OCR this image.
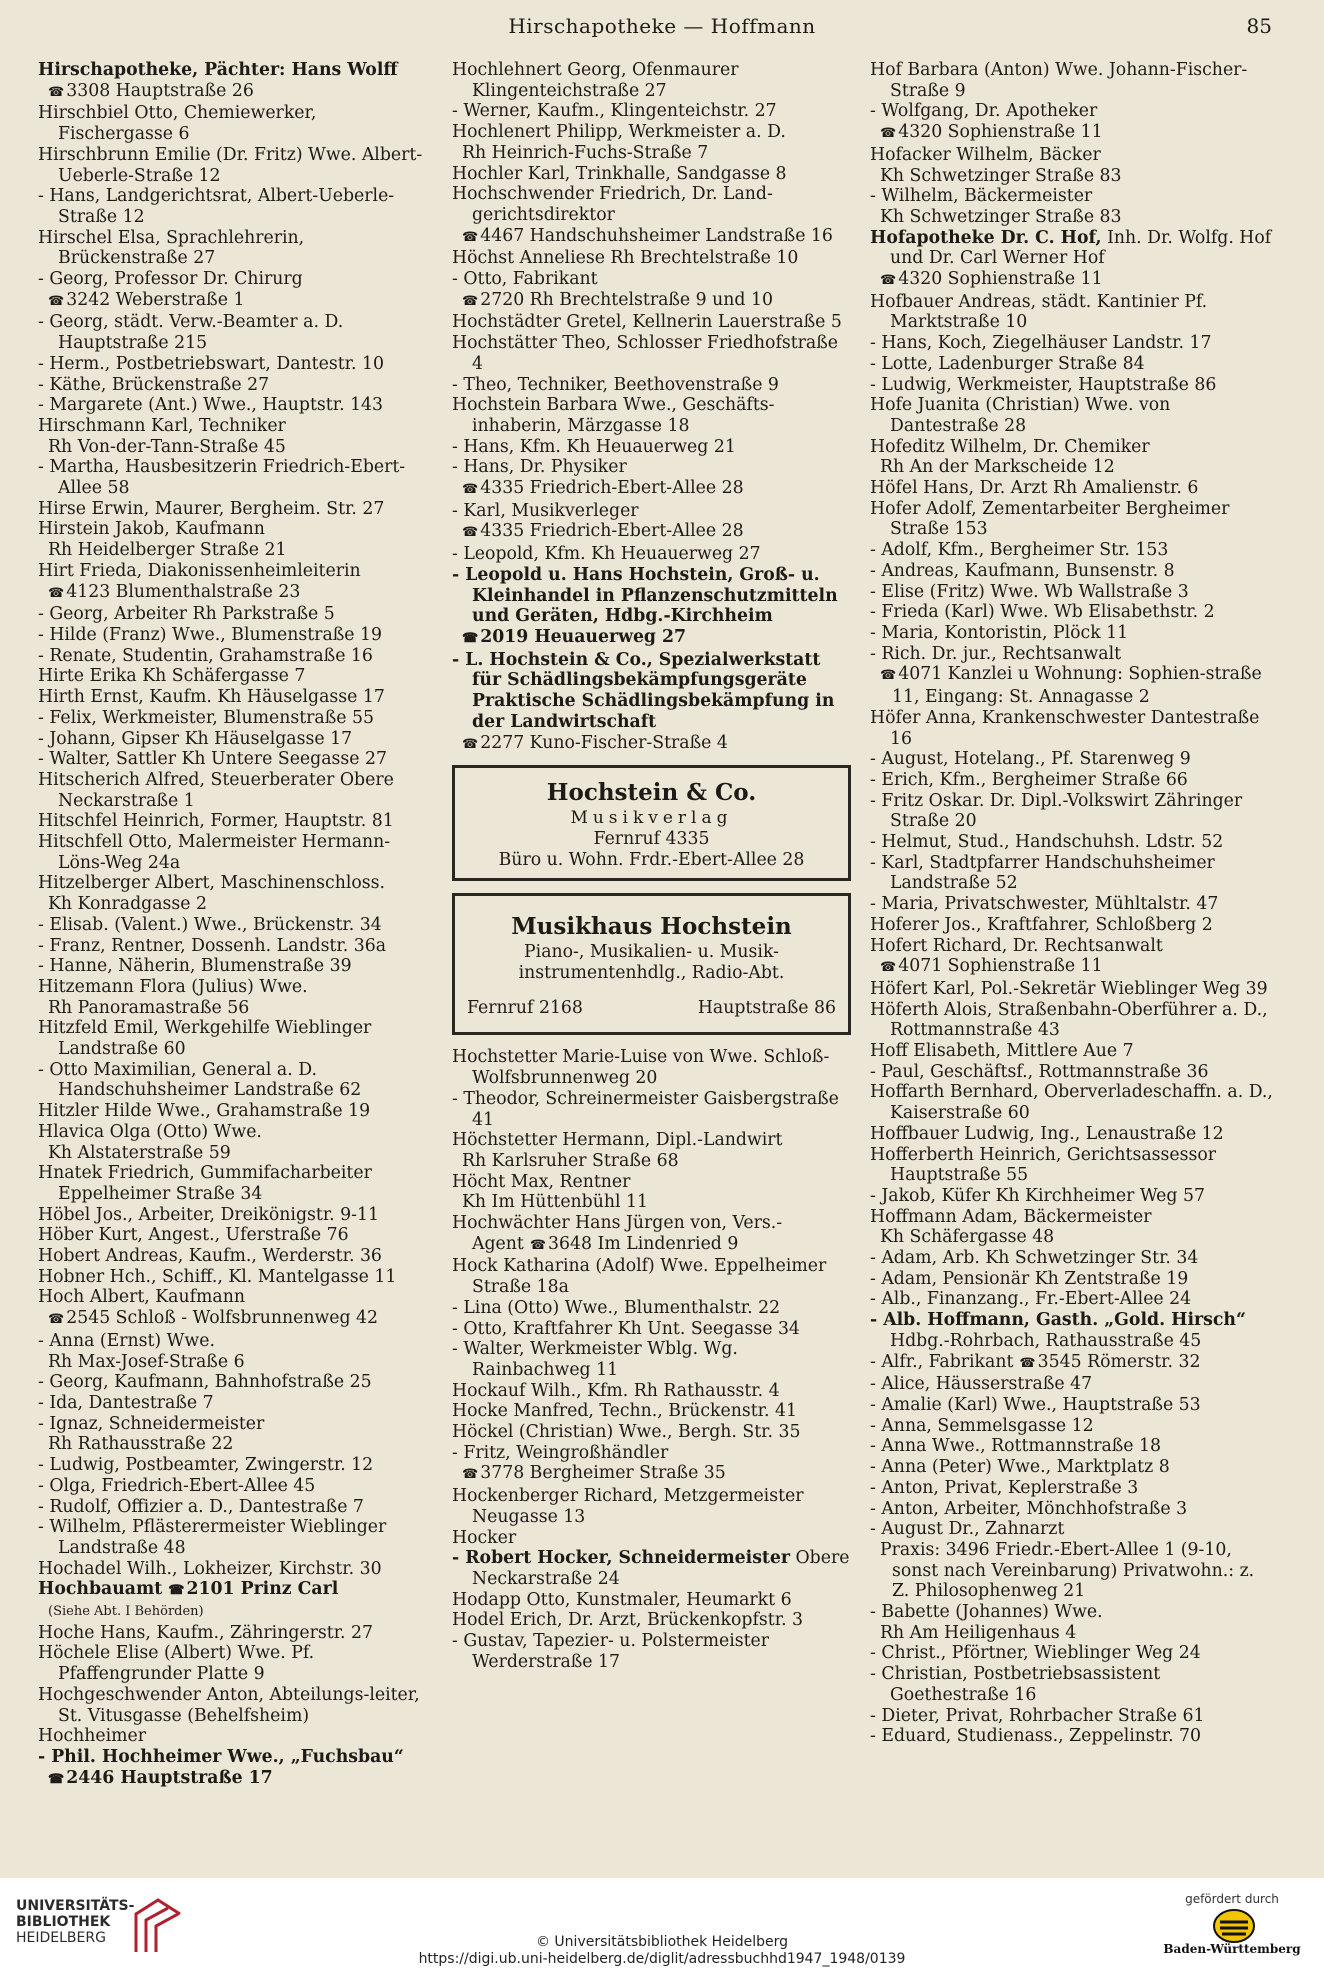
Hirschapotheke — Hoffmann	85

Hirschapotheke, Pächter: Hans Wolff

☎ 3308 Hauptstraße 26

Hirschbiel Otto, Chemiewerker, Fischergasse 6

Hirschbrunn Emilie (Dr. Fritz) Wwe. Albert-Ueberle-Straße 12

- Hans, Landgerichtsrat, Albert-Ueberle-Straße 12

Hirschel Elsa, Sprachlehrerin, Brückenstraße 27

- Georg, Professor Dr. Chirurg

☎ 3242 Weberstraße 1

- Georg, städt. Verw.-Beamter a. D. Hauptstraße 215

- Herm., Postbetriebswart, Dantestr. 10

- Käthe, Brückenstraße 27

- Margarete (Ant.) Wwe., Hauptstr. 143

Hirschmann Karl, Techniker

Rh Von-der-Tann-Straße 45

- Martha, Hausbesitzerin Friedrich-Ebert-Allee 58

Hirse Erwin, Maurer, Bergheim. Str. 27

Hirstein Jakob, Kaufmann

Rh Heidelberger Straße 21

Hirt Frieda, Diakonissenheimleiterin

☎ 4123 Blumenthalstraße 23

- Georg, Arbeiter Rh Parkstraße 5

- Hilde (Franz) Wwe., Blumenstraße 19

- Renate, Studentin, Grahamstraße 16

Hirte Erika Kh Schäfergasse 7

Hirth Ernst, Kaufm. Kh Häuselgasse 17

- Felix, Werkmeister, Blumenstraße 55

- Johann, Gipser Kh Häuselgasse 17

- Walter, Sattler Kh Untere Seegasse 27

Hitscherich Alfred, Steuerberater Obere Neckarstraße 1

Hitschfel Heinrich, Former, Hauptstr. 81

Hitschfell Otto, Malermeister Hermann-Löns-Weg 24a

Hitzelberger Albert, Maschinenschloss.

Kh Konradgasse 2

- Elisab. (Valent.) Wwe., Brückenstr. 34

- Franz, Rentner, Dossenh. Landstr. 36a

- Hanne, Näherin, Blumenstraße 39

Hitzemann Flora (Julius) Wwe.

Rh Panoramastraße 56

Hitzfeld Emil, Werkgehilfe Wieblinger Landstraße 60

- Otto Maximilian, General a. D. Handschuhsheimer Landstraße 62

Hitzler Hilde Wwe., Grahamstraße 19

Hlavica Olga (Otto) Wwe.

Kh Alstaterstraße 59

Hnatek Friedrich, Gummifacharbeiter Eppelheimer Straße 34

Höbel Jos., Arbeiter, Dreikönigstr. 9-11

Höber Kurt, Angest., Uferstraße 76

Hobert Andreas, Kaufm., Werderstr. 36

Hobner Hch., Schiff., Kl. Mantelgasse 11

Hoch Albert, Kaufmann

☎ 2545 Schloß - Wolfsbrunnenweg 42

- Anna (Ernst) Wwe.

Rh Max-Josef-Straße 6

- Georg, Kaufmann, Bahnhofstraße 25

- Ida, Dantestraße 7

- Ignaz, Schneidermeister

Rh Rathausstraße 22

- Ludwig, Postbeamter, Zwingerstr. 12

- Olga, Friedrich-Ebert-Allee 45

- Rudolf, Offizier a. D., Dantestraße 7

- Wilhelm, Pflästerermeister Wieblinger Landstraße 48

Hochadel Wilh., Lokheizer, Kirchstr. 30

Hochbauamt ☎ 2101 Prinz Carl

(Siehe Abt. I Behörden)

Hoche Hans, Kaufm., Zähringerstr. 27

Höchele Elise (Albert) Wwe. Pf. Pfaffengrunder Platte 9

Hochgeschwender Anton, Abteilungs-leiter, St. Vitusgasse (Behelfsheim)

Hochheimer

- Phil. Hochheimer Wwe., „Fuchsbau“

☎ 2446 Hauptstraße 17

Hochlehnert Georg, Ofenmaurer Klingenteichstraße 27

- Werner, Kaufm., Klingenteichstr. 27

Hochlenert Philipp, Werkmeister a. D.

Rh Heinrich-Fuchs-Straße 7

Hochler Karl, Trinkhalle, Sandgasse 8

Hochschwender Friedrich, Dr. Land-gerichtsdirektor

☎ 4467 Handschuhsheimer Landstraße 16

Höchst Anneliese Rh Brechtelstraße 10

- Otto, Fabrikant

☎ 2720 Rh Brechtelstraße 9 und 10

Hochstädter Gretel, Kellnerin Lauerstraße 5

Hochstätter Theo, Schlosser Friedhofstraße 4

- Theo, Techniker, Beethovenstraße 9

Hochstein Barbara Wwe., Geschäfts-inhaberin, Märzgasse 18

- Hans, Kfm. Kh Heuauerweg 21

- Hans, Dr. Physiker

☎ 4335 Friedrich-Ebert-Allee 28

- Karl, Musikverleger

☎ 4335 Friedrich-Ebert-Allee 28

- Leopold, Kfm. Kh Heuauerweg 27

- Leopold u. Hans Hochstein, Groß- u. Kleinhandel in Pflanzenschutzmitteln und Geräten, Hdbg.-Kirchheim

☎ 2019 Heuauerweg 27

- L. Hochstein & Co., Spezialwerkstatt für Schädlingsbekämpfungsgeräte Praktische Schädlingsbekämpfung in der Landwirtschaft

☎ 2277 Kuno-Fischer-Straße 4

Hochstein & Co.
Musikverlag
Fernruf 4335
Büro u. Wohn. Frdr.-Ebert-Allee 28
Musikhaus Hochstein
Piano-, Musikalien- u. Musik-
instrumentenhdlg., Radio-Abt.
Fernruf 2168	Hauptstraße 86

Hochstetter Marie-Luise von Wwe. Schloß-Wolfsbrunnenweg 20

- Theodor, Schreinermeister Gaisbergstraße 41

Höchstetter Hermann, Dipl.-Landwirt

Rh Karlsruher Straße 68

Höcht Max, Rentner

Kh Im Hüttenbühl 11

Hochwächter Hans Jürgen von, Vers.-Agent ☎ 3648 Im Lindenried 9

Hock Katharina (Adolf) Wwe. Eppelheimer Straße 18a

- Lina (Otto) Wwe., Blumenthalstr. 22

- Otto, Kraftfahrer Kh Unt. Seegasse 34

- Walter, Werkmeister Wblg. Wg. Rainbachweg 11

Hockauf Wilh., Kfm. Rh Rathausstr. 4

Hocke Manfred, Techn., Brückenstr. 41

Höckel (Christian) Wwe., Bergh. Str. 35

- Fritz, Weingroßhändler

☎ 3778 Bergheimer Straße 35

Hockenberger Richard, Metzgermeister Neugasse 13

Hocker

- Robert Hocker, Schneidermeister Obere Neckarstraße 24

Hodapp Otto, Kunstmaler, Heumarkt 6

Hodel Erich, Dr. Arzt, Brückenkopfstr. 3

- Gustav, Tapezier- u. Polstermeister Werderstraße 17

Hof Barbara (Anton) Wwe. Johann-Fischer-Straße 9

- Wolfgang, Dr. Apotheker

☎ 4320 Sophienstraße 11

Hofacker Wilhelm, Bäcker

Kh Schwetzinger Straße 83

- Wilhelm, Bäckermeister

Kh Schwetzinger Straße 83

Hofapotheke Dr. C. Hof, Inh. Dr. Wolfg. Hof und Dr. Carl Werner Hof

☎ 4320 Sophienstraße 11

Hofbauer Andreas, städt. Kantinier Pf. Marktstraße 10

- Hans, Koch, Ziegelhäuser Landstr. 17

- Lotte, Ladenburger Straße 84

- Ludwig, Werkmeister, Hauptstraße 86

Hofe Juanita (Christian) Wwe. von Dantestraße 28

Hofeditz Wilhelm, Dr. Chemiker

Rh An der Markscheide 12

Höfel Hans, Dr. Arzt Rh Amalienstr. 6

Hofer Adolf, Zementarbeiter Bergheimer Straße 153

- Adolf, Kfm., Bergheimer Str. 153

- Andreas, Kaufmann, Bunsenstr. 8

- Elise (Fritz) Wwe. Wb Wallstraße 3

- Frieda (Karl) Wwe. Wb Elisabethstr. 2

- Maria, Kontoristin, Plöck 11

- Rich. Dr. jur., Rechtsanwalt

☎ 4071 Kanzlei u Wohnung: Sophien-straße 11, Eingang: St. Annagasse 2

Höfer Anna, Krankenschwester Dantestraße 16

- August, Hotelang., Pf. Starenweg 9

- Erich, Kfm., Bergheimer Straße 66

- Fritz Oskar. Dr. Dipl.-Volkswirt Zähringer Straße 20

- Helmut, Stud., Handschuhsh. Ldstr. 52

- Karl, Stadtpfarrer Handschuhsheimer Landstraße 52

- Maria, Privatschwester, Mühltalstr. 47

Hoferer Jos., Kraftfahrer, Schloßberg 2

Hofert Richard, Dr. Rechtsanwalt

☎ 4071 Sophienstraße 11

Höfert Karl, Pol.-Sekretär Wieblinger Weg 39

Höferth Alois, Straßenbahn-Oberführer a. D., Rottmannstraße 43

Hoff Elisabeth, Mittlere Aue 7

- Paul, Geschäftsf., Rottmannstraße 36

Hoffarth Bernhard, Oberverladeschaffn. a. D., Kaiserstraße 60

Hoffbauer Ludwig, Ing., Lenaustraße 12

Hofferberth Heinrich, Gerichtsassessor Hauptstraße 55

- Jakob, Küfer Kh Kirchheimer Weg 57

Hoffmann Adam, Bäckermeister

Kh Schäfergasse 48

- Adam, Arb. Kh Schwetzinger Str. 34

- Adam, Pensionär Kh Zentstraße 19

- Alb., Finanzang., Fr.-Ebert-Allee 24

- Alb. Hoffmann, Gasth. „Gold. Hirsch“ Hdbg.-Rohrbach, Rathausstraße 45

- Alfr., Fabrikant ☎ 3545 Römerstr. 32

- Alice, Häusserstraße 47

- Amalie (Karl) Wwe., Hauptstraße 53

- Anna, Semmelsgasse 12

- Anna Wwe., Rottmannstraße 18

- Anna (Peter) Wwe., Marktplatz 8

- Anton, Privat, Keplerstraße 3

- Anton, Arbeiter, Mönchhofstraße 3

- August Dr., Zahnarzt

Praxis: 3496 Friedr.-Ebert-Allee 1 (9-10, sonst nach Vereinbarung) Privatwohn.: z. Z. Philosophenweg 21

- Babette (Johannes) Wwe.

Rh Am Heiligenhaus 4

- Christ., Pförtner, Wieblinger Weg 24

- Christian, Postbetriebsassistent Goethestraße 16

- Dieter, Privat, Rohrbacher Straße 61

- Eduard, Studienass., Zeppelinstr. 70

UNIVERSITÄTS-
BIBLIOTHEK
HEIDELBERG	© Universitätsbibliothek Heidelberg
https://digi.ub.uni-heidelberg.de/diglit/adressbuchhd1947_1948/0139
gefördert durch
Baden-Württemberg
